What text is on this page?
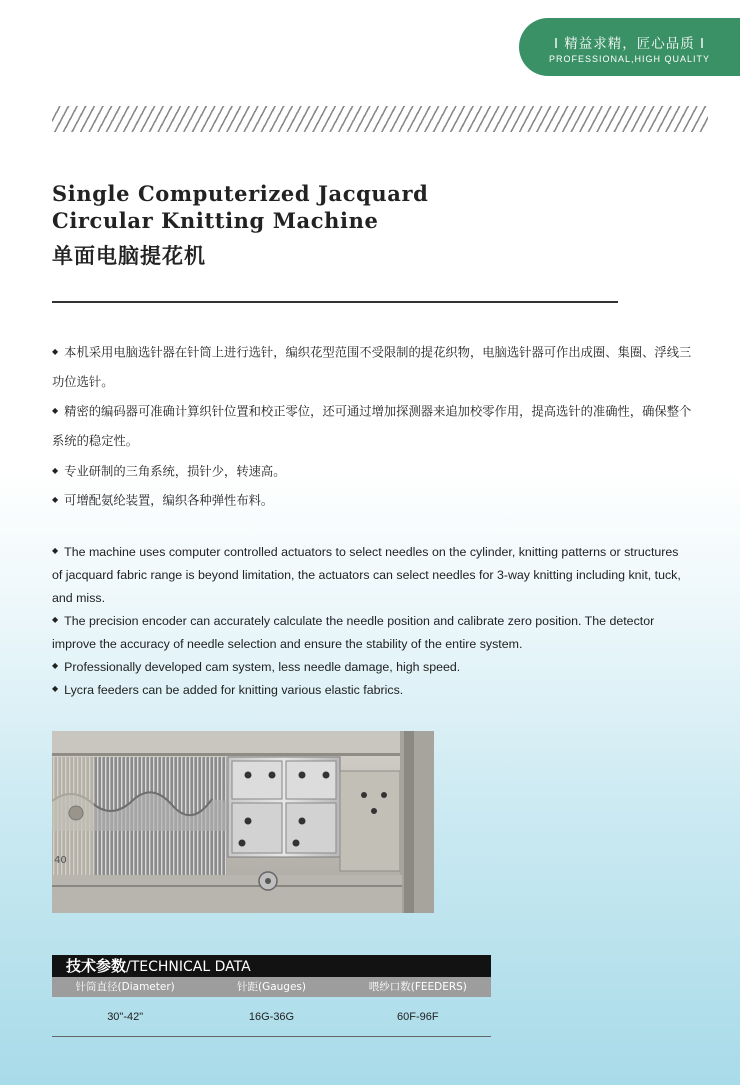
Ⅰ 精益求精，匠心品质 Ⅰ
PROFESSIONAL,HIGH QUALITY
Single Computerized Jacquard
Circular Knitting Machine
单面电脑提花机
◆ 本机采用电脑选针器在针筒上进行选针，编织花型范围不受限制的提花织物，电脑选针器可作出成圈、集圈、浮线三功位选针。
◆ 精密的编码器可准确计算织针位置和校正零位，还可通过增加探测器来追加校零作用，提高选针的准确性，确保整个系统的稳定性。
◆ 专业研制的三角系统，损针少，转速高。
◆ 可增配氨纶装置，编织各种弹性布料。
◆ The machine uses computer controlled actuators to select needles on the cylinder, knitting patterns or structures of jacquard fabric range is beyond limitation, the actuators can select needles for 3-way knitting including knit, tuck, and miss.
◆ The precision encoder can accurately calculate the needle position and calibrate zero position. The detector improve the accuracy of needle selection and ensure the stability of the entire system.
◆ Professionally developed cam system, less needle damage, high speed.
◆ Lycra feeders can be added for knitting various elastic fabrics.
40
技术参数/TECHNICAL DATA
针筒直径(Diameter)	针距(Gauges)	喂纱口数(FEEDERS)
30"-42"	16G-36G	60F-96F
